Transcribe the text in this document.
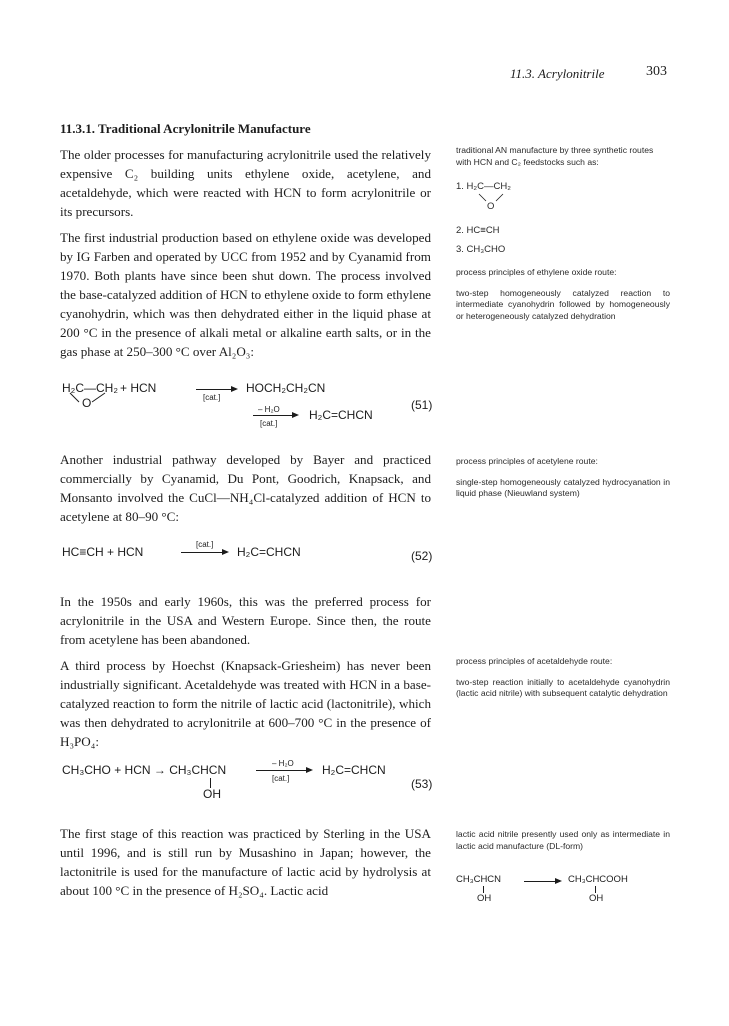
11.3. Acrylonitrile	303
11.3.1. Traditional Acrylonitrile Manufacture

The older processes for manufacturing acrylonitrile used the relatively expensive C₂ building units ethylene oxide, acetylene, and acetaldehyde, which were reacted with HCN to form acrylonitrile or its precursors.

The first industrial production based on ethylene oxide was developed by IG Farben and operated by UCC from 1952 and by Cyanamid from 1970. Both plants have since been shut down. The process involved the base-catalyzed addition of HCN to ethylene oxide to form ethylene cyanohydrin, which was then dehydrated either in the liquid phase at 200 °C in the presence of alkali metal or alkaline earth salts, or in the gas phase at 250–300 °C over Al₂O₃:

H₂C—CH₂
O
+ HCN
[cat.]
HOCH₂CH₂CN
– H₂O
[cat.]
H₂C=CHCN
(51)

Another industrial pathway developed by Bayer and practiced commercially by Cyanamid, Du Pont, Goodrich, Knapsack, and Monsanto involved the CuCl—NH₄Cl-catalyzed addition of HCN to acetylene at 80–90 °C:

HC≡CH + HCN
[cat.]
→ H₂C=CHCN	(52)

In the 1950s and early 1960s, this was the preferred process for acrylonitrile in the USA and Western Europe. Since then, the route from acetylene has been abandoned.

A third process by Hoechst (Knapsack-Griesheim) has never been industrially significant. Acetaldehyde was treated with HCN in a base-catalyzed reaction to form the nitrile of lactic acid (lactonitrile), which was then dehydrated to acrylonitrile at 600–700 °C in the presence of H₃PO₄:

CH₃CHO + HCN → CH₃CHCN
OH
– H₂O
[cat.]
H₂C=CHCN
(53)

The first stage of this reaction was practiced by Sterling in the USA until 1996, and is still run by Musashino in Japan; however, the lactonitrile is used for the manufacture of lactic acid by hydrolysis at about 100 °C in the presence of H₂SO₄. Lactic acid

traditional AN manufacture by three synthetic routes with HCN and C₂ feedstocks such as:

1. H₂C—CH₂
O
2. HC≡CH
3. CH₃CHO

process principles of ethylene oxide route:

two-step homogeneously catalyzed reaction to intermediate cyanohydrin followed by homogeneously or heterogeneously catalyzed dehydration

process principles of acetylene route:

single-step homogeneously catalyzed hydrocyanation in liquid phase (Nieuwland system)

process principles of acetaldehyde route:

two-step reaction initially to acetaldehyde cyanohydrin (lactic acid nitrile) with subsequent catalytic dehydration

lactic acid nitrile presently used only as intermediate in lactic acid manufacture (DL-form)

CH₃CHCN → CH₃CHCOOH
OH	OH
